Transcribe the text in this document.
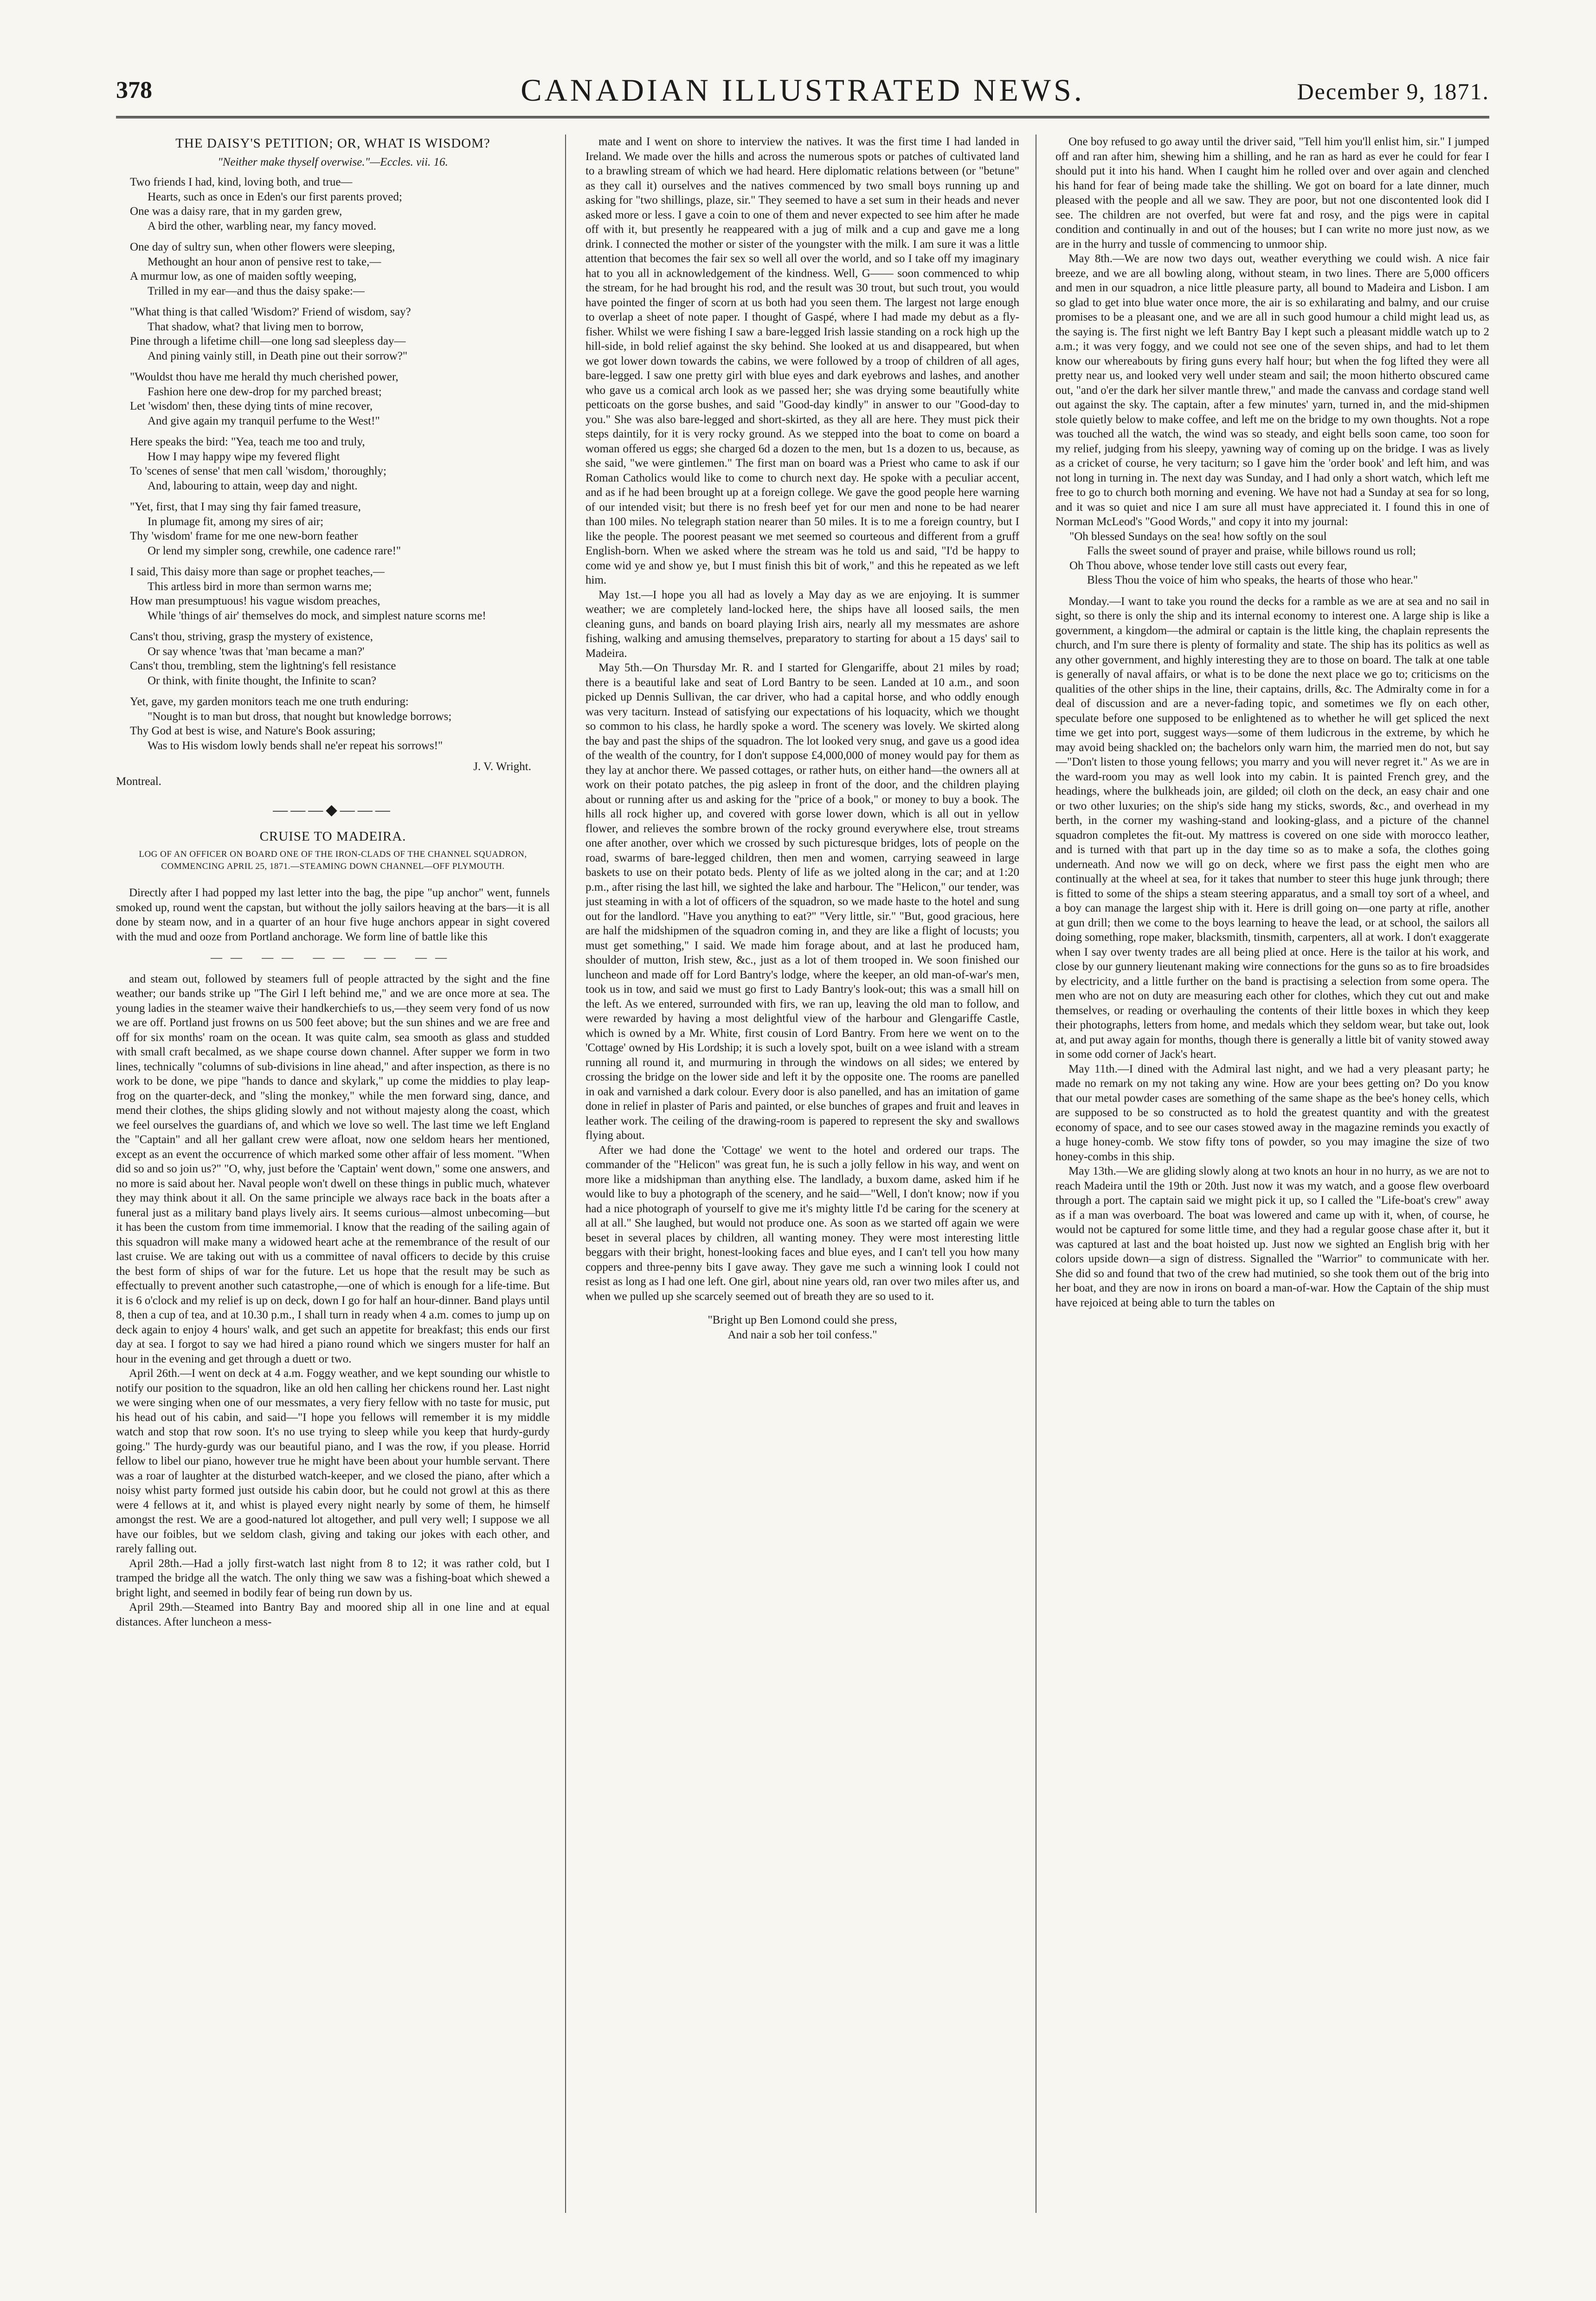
378	CANADIAN ILLUSTRATED NEWS.	December 9, 1871.
THE DAISY'S PETITION; OR, WHAT IS WISDOM?
"Neither make thyself overwise."—Eccles. vii. 16.
Two friends I had, kind, loving both, and true—
Hearts, such as once in Eden's our first parents proved;
One was a daisy rare, that in my garden grew,
A bird the other, warbling near, my fancy moved.
One day of sultry sun, when other flowers were sleeping,
Methought an hour anon of pensive rest to take,—
A murmur low, as one of maiden softly weeping,
Trilled in my ear—and thus the daisy spake:—
"What thing is that called 'Wisdom?' Friend of wisdom, say?
That shadow, what? that living men to borrow,
Pine through a lifetime chill—one long sad sleepless day—
And pining vainly still, in Death pine out their sorrow?"
"Wouldst thou have me herald thy much cherished power,
Fashion here one dew-drop for my parched breast;
Let 'wisdom' then, these dying tints of mine recover,
And give again my tranquil perfume to the West!"
Here speaks the bird: "Yea, teach me too and truly,
How I may happy wipe my fevered flight
To 'scenes of sense' that men call 'wisdom,' thoroughly;
And, labouring to attain, weep day and night.
"Yet, first, that I may sing thy fair famed treasure,
In plumage fit, among my sires of air;
Thy 'wisdom' frame for me one new-born feather
Or lend my simpler song, crewhile, one cadence rare!"
I said, This daisy more than sage or prophet teaches,—
This artless bird in more than sermon warns me;
How man presumptuous! his vague wisdom preaches,
While 'things of air' themselves do mock, and simplest nature scorns me!
Cans't thou, striving, grasp the mystery of existence,
Or say whence 'twas that 'man became a man?'
Cans't thou, trembling, stem the lightning's fell resistance
Or think, with finite thought, the Infinite to scan?
Yet, gave, my garden monitors teach me one truth enduring:
"Nought is to man but dross, that nought but knowledge borrows;
Thy God at best is wise, and Nature's Book assuring;
Was to His wisdom lowly bends shall ne'er repeat his sorrows!"

J. V. Wright.

Montreal.

———◆———
CRUISE TO MADEIRA.
LOG OF AN OFFICER ON BOARD ONE OF THE IRON-CLADS OF THE CHANNEL SQUADRON, COMMENCING APRIL 25, 1871.—STEAMING DOWN CHANNEL—OFF PLYMOUTH.

Directly after I had popped my last letter into the bag, the pipe "up anchor" went, funnels smoked up, round went the capstan, but without the jolly sailors heaving at the bars—it is all done by steam now, and in a quarter of an hour five huge anchors appear in sight covered with the mud and ooze from Portland anchorage. We form line of battle like this

—— —— —— —— ——

and steam out, followed by steamers full of people attracted by the sight and the fine weather; our bands strike up "The Girl I left behind me," and we are once more at sea. The young ladies in the steamer waive their handkerchiefs to us,—they seem very fond of us now we are off. Portland just frowns on us 500 feet above; but the sun shines and we are free and off for six months' roam on the ocean. It was quite calm, sea smooth as glass and studded with small craft becalmed, as we shape course down channel. After supper we form in two lines, technically "columns of sub-divisions in line ahead," and after inspection, as there is no work to be done, we pipe "hands to dance and skylark," up come the middies to play leap-frog on the quarter-deck, and "sling the monkey," while the men forward sing, dance, and mend their clothes, the ships gliding slowly and not without majesty along the coast, which we feel ourselves the guardians of, and which we love so well. The last time we left England the "Captain" and all her gallant crew were afloat, now one seldom hears her mentioned, except as an event the occurrence of which marked some other affair of less moment. "When did so and so join us?" "O, why, just before the 'Captain' went down," some one answers, and no more is said about her. Naval people won't dwell on these things in public much, whatever they may think about it all. On the same principle we always race back in the boats after a funeral just as a military band plays lively airs. It seems curious—almost unbecoming—but it has been the custom from time immemorial. I know that the reading of the sailing again of this squadron will make many a widowed heart ache at the remembrance of the result of our last cruise. We are taking out with us a committee of naval officers to decide by this cruise the best form of ships of war for the future. Let us hope that the result may be such as effectually to prevent another such catastrophe,—one of which is enough for a life-time. But it is 6 o'clock and my relief is up on deck, down I go for half an hour-dinner. Band plays until 8, then a cup of tea, and at 10.30 p.m., I shall turn in ready when 4 a.m. comes to jump up on deck again to enjoy 4 hours' walk, and get such an appetite for breakfast; this ends our first day at sea. I forgot to say we had hired a piano round which we singers muster for half an hour in the evening and get through a duett or two.

April 26th.—I went on deck at 4 a.m. Foggy weather, and we kept sounding our whistle to notify our position to the squadron, like an old hen calling her chickens round her. Last night we were singing when one of our messmates, a very fiery fellow with no taste for music, put his head out of his cabin, and said—"I hope you fellows will remember it is my middle watch and stop that row soon. It's no use trying to sleep while you keep that hurdy-gurdy going." The hurdy-gurdy was our beautiful piano, and I was the row, if you please. Horrid fellow to libel our piano, however true he might have been about your humble servant. There was a roar of laughter at the disturbed watch-keeper, and we closed the piano, after which a noisy whist party formed just outside his cabin door, but he could not growl at this as there were 4 fellows at it, and whist is played every night nearly by some of them, he himself amongst the rest. We are a good-natured lot altogether, and pull very well; I suppose we all have our foibles, but we seldom clash, giving and taking our jokes with each other, and rarely falling out.

April 28th.—Had a jolly first-watch last night from 8 to 12; it was rather cold, but I tramped the bridge all the watch. The only thing we saw was a fishing-boat which shewed a bright light, and seemed in bodily fear of being run down by us.

April 29th.—Steamed into Bantry Bay and moored ship all in one line and at equal distances. After luncheon a mess-

mate and I went on shore to interview the natives. It was the first time I had landed in Ireland. We made over the hills and across the numerous spots or patches of cultivated land to a brawling stream of which we had heard. Here diplomatic relations between (or "betune" as they call it) ourselves and the natives commenced by two small boys running up and asking for "two shillings, plaze, sir." They seemed to have a set sum in their heads and never asked more or less. I gave a coin to one of them and never expected to see him after he made off with it, but presently he reappeared with a jug of milk and a cup and gave me a long drink. I connected the mother or sister of the youngster with the milk. I am sure it was a little attention that becomes the fair sex so well all over the world, and so I take off my imaginary hat to you all in acknowledgement of the kindness. Well, G—— soon commenced to whip the stream, for he had brought his rod, and the result was 30 trout, but such trout, you would have pointed the finger of scorn at us both had you seen them. The largest not large enough to overlap a sheet of note paper. I thought of Gaspé, where I had made my debut as a fly-fisher. Whilst we were fishing I saw a bare-legged Irish lassie standing on a rock high up the hill-side, in bold relief against the sky behind. She looked at us and disappeared, but when we got lower down towards the cabins, we were followed by a troop of children of all ages, bare-legged. I saw one pretty girl with blue eyes and dark eyebrows and lashes, and another who gave us a comical arch look as we passed her; she was drying some beautifully white petticoats on the gorse bushes, and said "Good-day kindly" in answer to our "Good-day to you." She was also bare-legged and short-skirted, as they all are here. They must pick their steps daintily, for it is very rocky ground. As we stepped into the boat to come on board a woman offered us eggs; she charged 6d a dozen to the men, but 1s a dozen to us, because, as she said, "we were gintlemen." The first man on board was a Priest who came to ask if our Roman Catholics would like to come to church next day. He spoke with a peculiar accent, and as if he had been brought up at a foreign college. We gave the good people here warning of our intended visit; but there is no fresh beef yet for our men and none to be had nearer than 100 miles. No telegraph station nearer than 50 miles. It is to me a foreign country, but I like the people. The poorest peasant we met seemed so courteous and different from a gruff English-born. When we asked where the stream was he told us and said, "I'd be happy to come wid ye and show ye, but I must finish this bit of work," and this he repeated as we left him.

May 1st.—I hope you all had as lovely a May day as we are enjoying. It is summer weather; we are completely land-locked here, the ships have all loosed sails, the men cleaning guns, and bands on board playing Irish airs, nearly all my messmates are ashore fishing, walking and amusing themselves, preparatory to starting for about a 15 days' sail to Madeira.

May 5th.—On Thursday Mr. R. and I started for Glengariffe, about 21 miles by road; there is a beautiful lake and seat of Lord Bantry to be seen. Landed at 10 a.m., and soon picked up Dennis Sullivan, the car driver, who had a capital horse, and who oddly enough was very taciturn. Instead of satisfying our expectations of his loquacity, which we thought so common to his class, he hardly spoke a word. The scenery was lovely. We skirted along the bay and past the ships of the squadron. The lot looked very snug, and gave us a good idea of the wealth of the country, for I don't suppose £4,000,000 of money would pay for them as they lay at anchor there. We passed cottages, or rather huts, on either hand—the owners all at work on their potato patches, the pig asleep in front of the door, and the children playing about or running after us and asking for the "price of a book," or money to buy a book. The hills all rock higher up, and covered with gorse lower down, which is all out in yellow flower, and relieves the sombre brown of the rocky ground everywhere else, trout streams one after another, over which we crossed by such picturesque bridges, lots of people on the road, swarms of bare-legged children, then men and women, carrying seaweed in large baskets to use on their potato beds. Plenty of life as we jolted along in the car; and at 1:20 p.m., after rising the last hill, we sighted the lake and harbour. The "Helicon," our tender, was just steaming in with a lot of officers of the squadron, so we made haste to the hotel and sung out for the landlord. "Have you anything to eat?" "Very little, sir." "But, good gracious, here are half the midshipmen of the squadron coming in, and they are like a flight of locusts; you must get something," I said. We made him forage about, and at last he produced ham, shoulder of mutton, Irish stew, &c., just as a lot of them trooped in. We soon finished our luncheon and made off for Lord Bantry's lodge, where the keeper, an old man-of-war's men, took us in tow, and said we must go first to Lady Bantry's look-out; this was a small hill on the left. As we entered, surrounded with firs, we ran up, leaving the old man to follow, and were rewarded by having a most delightful view of the harbour and Glengariffe Castle, which is owned by a Mr. White, first cousin of Lord Bantry. From here we went on to the 'Cottage' owned by His Lordship; it is such a lovely spot, built on a wee island with a stream running all round it, and murmuring in through the windows on all sides; we entered by crossing the bridge on the lower side and left it by the opposite one. The rooms are panelled in oak and varnished a dark colour. Every door is also panelled, and has an imitation of game done in relief in plaster of Paris and painted, or else bunches of grapes and fruit and leaves in leather work. The ceiling of the drawing-room is papered to represent the sky and swallows flying about.

After we had done the 'Cottage' we went to the hotel and ordered our traps. The commander of the "Helicon" was great fun, he is such a jolly fellow in his way, and went on more like a midshipman than anything else. The landlady, a buxom dame, asked him if he would like to buy a photograph of the scenery, and he said—"Well, I don't know; now if you had a nice photograph of yourself to give me it's mighty little I'd be caring for the scenery at all at all." She laughed, but would not produce one. As soon as we started off again we were beset in several places by children, all wanting money. They were most interesting little beggars with their bright, honest-looking faces and blue eyes, and I can't tell you how many coppers and three-penny bits I gave away. They gave me such a winning look I could not resist as long as I had one left. One girl, about nine years old, ran over two miles after us, and when we pulled up she scarcely seemed out of breath they are so used to it.

"Bright up Ben Lomond could she press,
And nair a sob her toil confess."

One boy refused to go away until the driver said, "Tell him you'll enlist him, sir." I jumped off and ran after him, shewing him a shilling, and he ran as hard as ever he could for fear I should put it into his hand. When I caught him he rolled over and over again and clenched his hand for fear of being made take the shilling. We got on board for a late dinner, much pleased with the people and all we saw. They are poor, but not one discontented look did I see. The children are not overfed, but were fat and rosy, and the pigs were in capital condition and continually in and out of the houses; but I can write no more just now, as we are in the hurry and tussle of commencing to unmoor ship.

May 8th.—We are now two days out, weather everything we could wish. A nice fair breeze, and we are all bowling along, without steam, in two lines. There are 5,000 officers and men in our squadron, a nice little pleasure party, all bound to Madeira and Lisbon. I am so glad to get into blue water once more, the air is so exhilarating and balmy, and our cruise promises to be a pleasant one, and we are all in such good humour a child might lead us, as the saying is. The first night we left Bantry Bay I kept such a pleasant middle watch up to 2 a.m.; it was very foggy, and we could not see one of the seven ships, and had to let them know our whereabouts by firing guns every half hour; but when the fog lifted they were all pretty near us, and looked very well under steam and sail; the moon hitherto obscured came out, "and o'er the dark her silver mantle threw," and made the canvass and cordage stand well out against the sky. The captain, after a few minutes' yarn, turned in, and the mid-shipmen stole quietly below to make coffee, and left me on the bridge to my own thoughts. Not a rope was touched all the watch, the wind was so steady, and eight bells soon came, too soon for my relief, judging from his sleepy, yawning way of coming up on the bridge. I was as lively as a cricket of course, he very taciturn; so I gave him the 'order book' and left him, and was not long in turning in. The next day was Sunday, and I had only a short watch, which left me free to go to church both morning and evening. We have not had a Sunday at sea for so long, and it was so quiet and nice I am sure all must have appreciated it. I found this in one of Norman McLeod's "Good Words," and copy it into my journal:

"Oh blessed Sundays on the sea! how softly on the soul
Falls the sweet sound of prayer and praise, while billows round us roll;
Oh Thou above, whose tender love still casts out every fear,
Bless Thou the voice of him who speaks, the hearts of those who hear."

Monday.—I want to take you round the decks for a ramble as we are at sea and no sail in sight, so there is only the ship and its internal economy to interest one. A large ship is like a government, a kingdom—the admiral or captain is the little king, the chaplain represents the church, and I'm sure there is plenty of formality and state. The ship has its politics as well as any other government, and highly interesting they are to those on board. The talk at one table is generally of naval affairs, or what is to be done the next place we go to; criticisms on the qualities of the other ships in the line, their captains, drills, &c. The Admiralty come in for a deal of discussion and are a never-fading topic, and sometimes we fly on each other, speculate before one supposed to be enlightened as to whether he will get spliced the next time we get into port, suggest ways—some of them ludicrous in the extreme, by which he may avoid being shackled on; the bachelors only warn him, the married men do not, but say—"Don't listen to those young fellows; you marry and you will never regret it." As we are in the ward-room you may as well look into my cabin. It is painted French grey, and the headings, where the bulkheads join, are gilded; oil cloth on the deck, an easy chair and one or two other luxuries; on the ship's side hang my sticks, swords, &c., and overhead in my berth, in the corner my washing-stand and looking-glass, and a picture of the channel squadron completes the fit-out. My mattress is covered on one side with morocco leather, and is turned with that part up in the day time so as to make a sofa, the clothes going underneath. And now we will go on deck, where we first pass the eight men who are continually at the wheel at sea, for it takes that number to steer this huge junk through; there is fitted to some of the ships a steam steering apparatus, and a small toy sort of a wheel, and a boy can manage the largest ship with it. Here is drill going on—one party at rifle, another at gun drill; then we come to the boys learning to heave the lead, or at school, the sailors all doing something, rope maker, blacksmith, tinsmith, carpenters, all at work. I don't exaggerate when I say over twenty trades are all being plied at once. Here is the tailor at his work, and close by our gunnery lieutenant making wire connections for the guns so as to fire broadsides by electricity, and a little further on the band is practising a selection from some opera. The men who are not on duty are measuring each other for clothes, which they cut out and make themselves, or reading or overhauling the contents of their little boxes in which they keep their photographs, letters from home, and medals which they seldom wear, but take out, look at, and put away again for months, though there is generally a little bit of vanity stowed away in some odd corner of Jack's heart.

May 11th.—I dined with the Admiral last night, and we had a very pleasant party; he made no remark on my not taking any wine. How are your bees getting on? Do you know that our metal powder cases are something of the same shape as the bee's honey cells, which are supposed to be so constructed as to hold the greatest quantity and with the greatest economy of space, and to see our cases stowed away in the magazine reminds you exactly of a huge honey-comb. We stow fifty tons of powder, so you may imagine the size of two honey-combs in this ship.

May 13th.—We are gliding slowly along at two knots an hour in no hurry, as we are not to reach Madeira until the 19th or 20th. Just now it was my watch, and a goose flew overboard through a port. The captain said we might pick it up, so I called the "Life-boat's crew" away as if a man was overboard. The boat was lowered and came up with it, when, of course, he would not be captured for some little time, and they had a regular goose chase after it, but it was captured at last and the boat hoisted up. Just now we sighted an English brig with her colors upside down—a sign of distress. Signalled the "Warrior" to communicate with her. She did so and found that two of the crew had mutinied, so she took them out of the brig into her boat, and they are now in irons on board a man-of-war. How the Captain of the ship must have rejoiced at being able to turn the tables on
